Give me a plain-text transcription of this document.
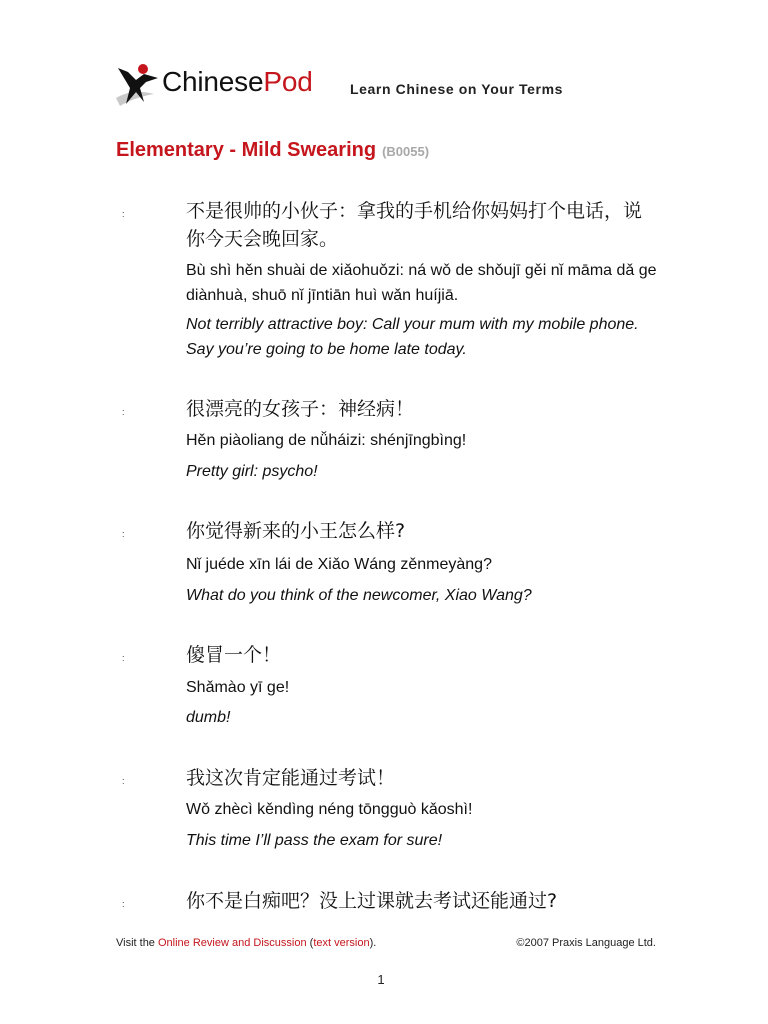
ChinesePod	Learn Chinese on Your Terms
Elementary - Mild Swearing (B0055)
:	不是很帅的小伙子：拿我的手机给你妈妈打个电话，说你今天会晚回家。
Bù shì hěn shuài de xiǎohuǒzi: ná wǒ de shǒujī gěi nǐ māma dǎ ge diànhuà, shuō nǐ jīntiān huì wǎn huíjiā.
Not terribly attractive boy: Call your mum with my mobile phone. Say you’re going to be home late today.
:	很漂亮的女孩子：神经病！
Hěn piàoliang de nǚháizi: shénjīngbìng!
Pretty girl: psycho!
:	你觉得新来的小王怎么样?
Nǐ juéde xīn lái de Xiǎo Wáng zěnmeyàng?
What do you think of the newcomer, Xiao Wang?
:	傻冒一个！
Shǎmào yī ge!
dumb!
:	我这次肯定能通过考试！
Wǒ zhècì kěndìng néng tōngguò kǎoshì!
This time I’ll pass the exam for sure!
:	你不是白痴吧？没上过课就去考试还能通过?
Visit the Online Review and Discussion (text version).	©2007 Praxis Language Ltd.
1
